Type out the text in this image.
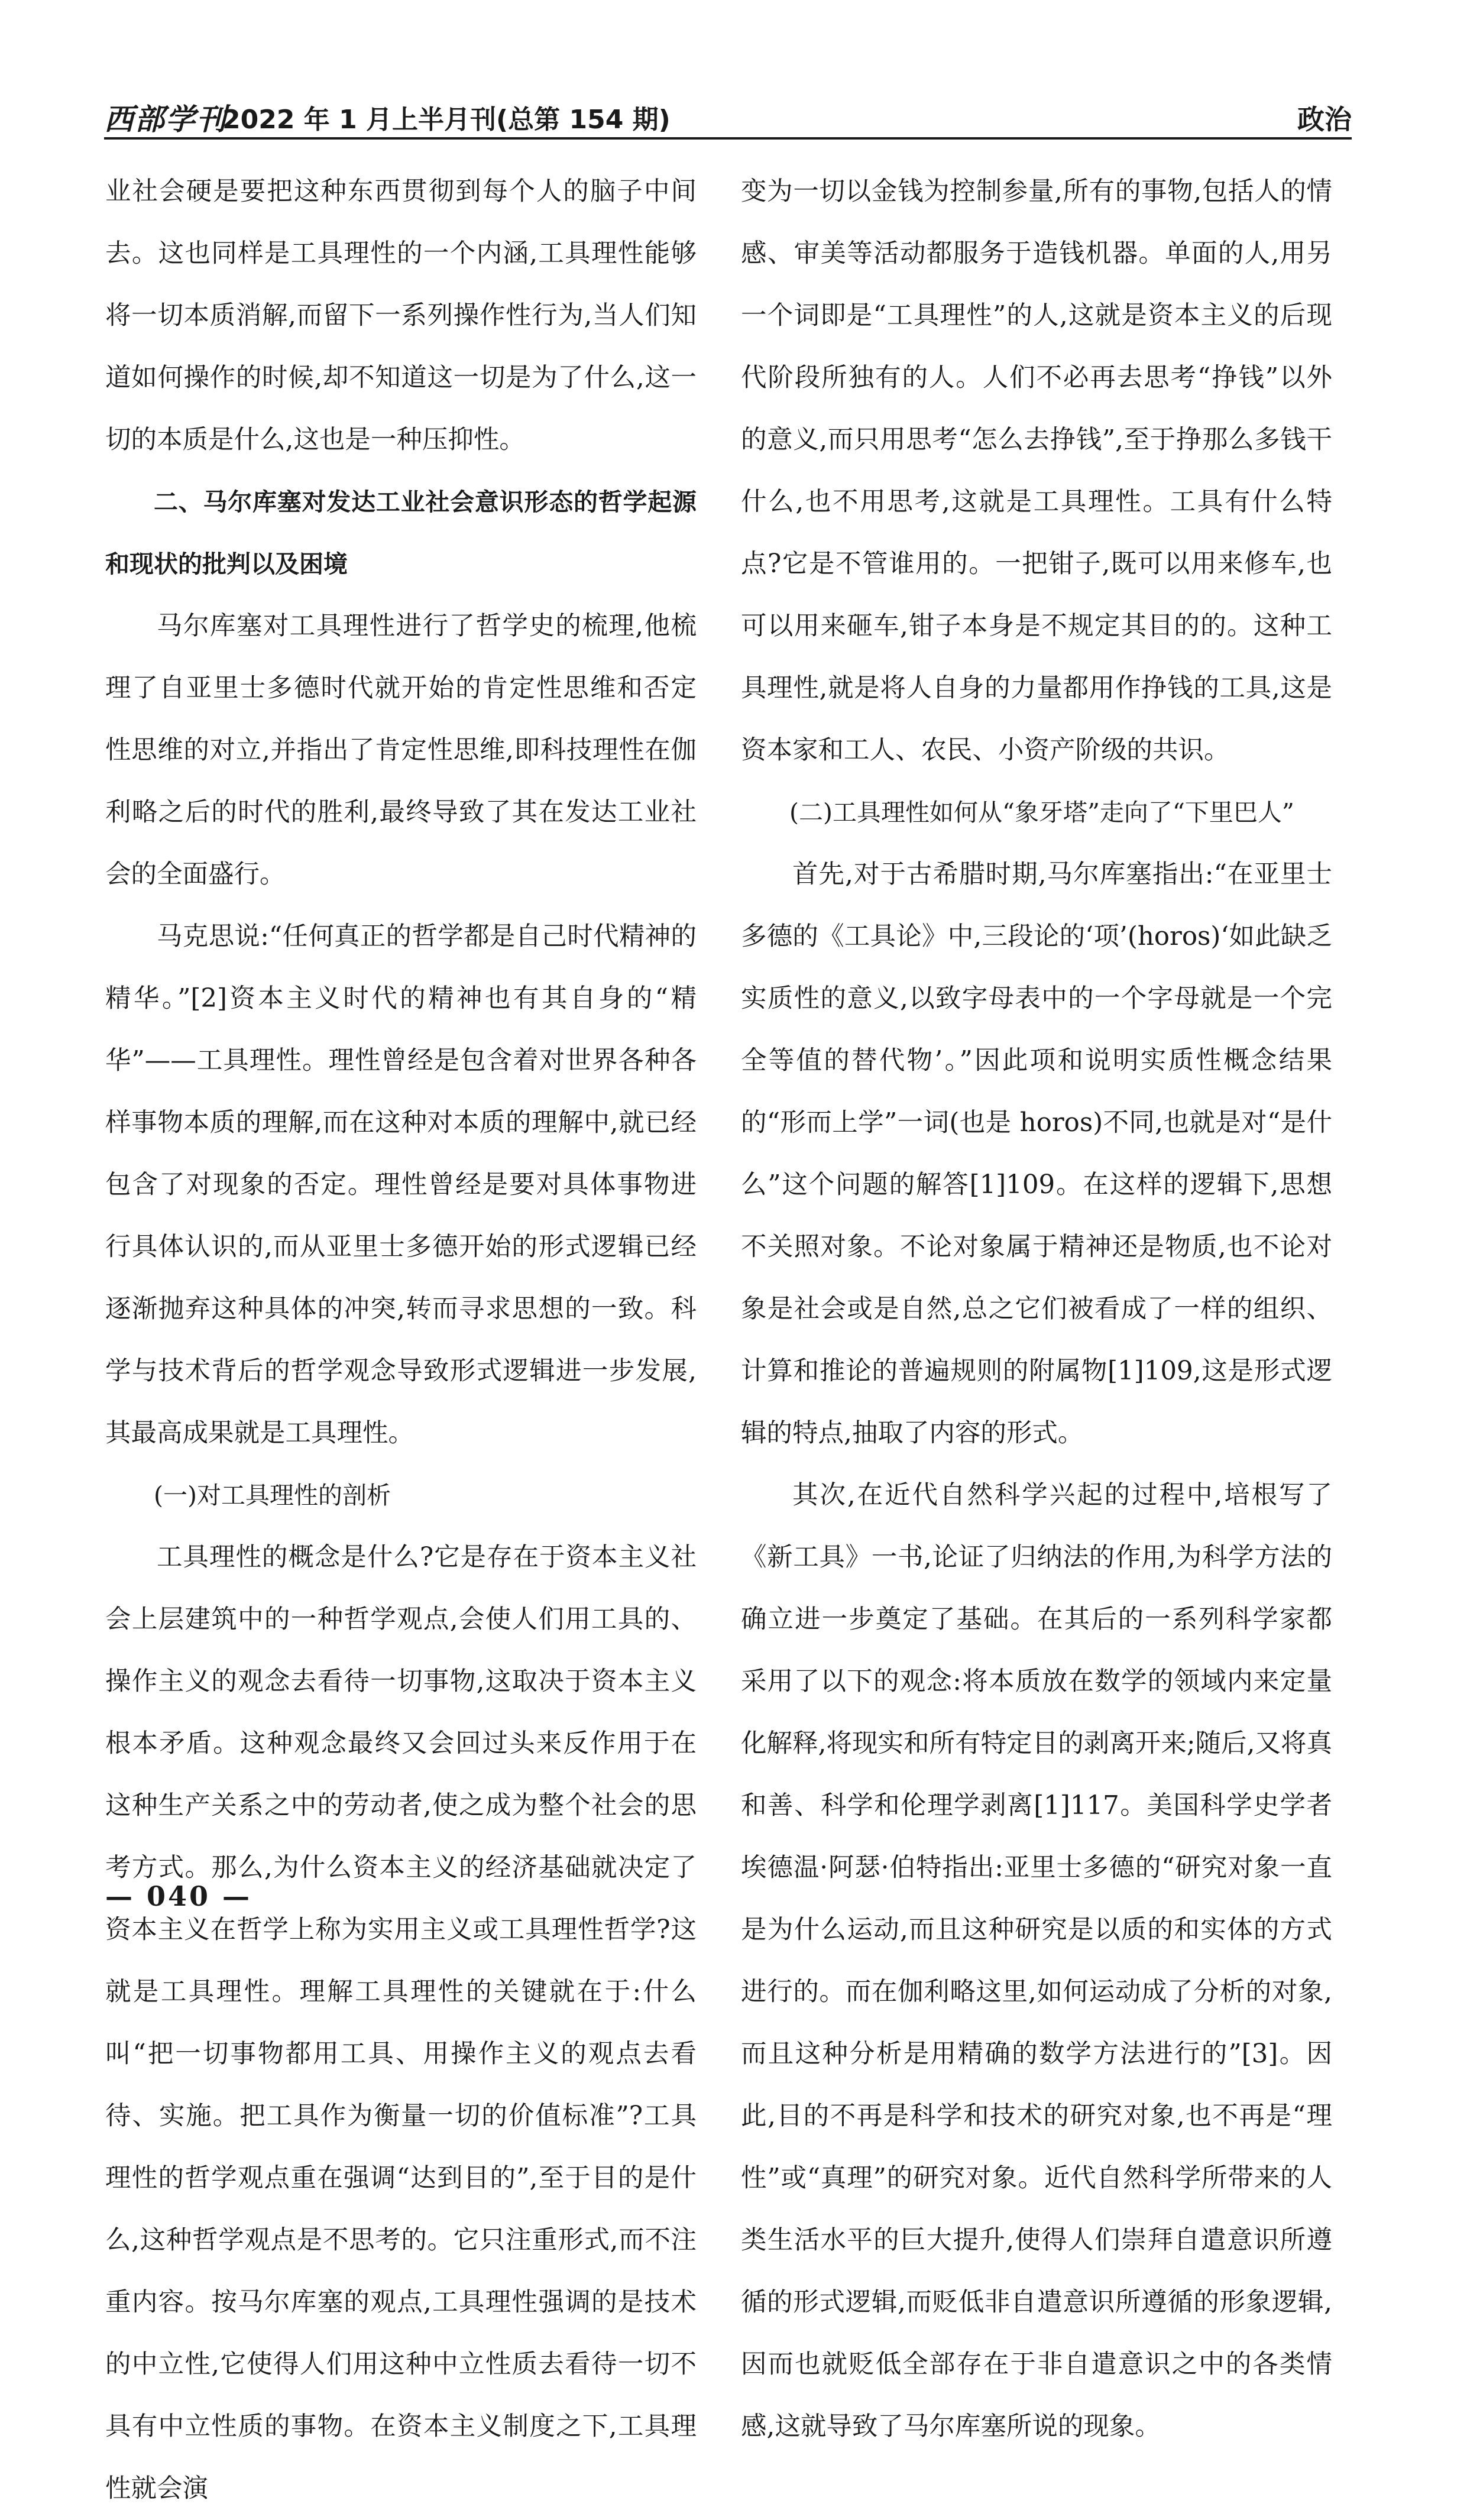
西部学刊
2022 年 1 月上半月刊(总第 154 期)	政治

业社会硬是要把这种东西贯彻到每个人的脑子中间去。这也同样是工具理性的一个内涵,工具理性能够将一切本质消解,而留下一系列操作性行为,当人们知道如何操作的时候,却不知道这一切是为了什么,这一切的本质是什么,这也是一种压抑性。

二、马尔库塞对发达工业社会意识形态的哲学起源和现状的批判以及困境

马尔库塞对工具理性进行了哲学史的梳理,他梳理了自亚里士多德时代就开始的肯定性思维和否定性思维的对立,并指出了肯定性思维,即科技理性在伽利略之后的时代的胜利,最终导致了其在发达工业社会的全面盛行。

马克思说:“任何真正的哲学都是自己时代精神的精华。”[2]资本主义时代的精神也有其自身的“精华”——工具理性。理性曾经是包含着对世界各种各样事物本质的理解,而在这种对本质的理解中,就已经包含了对现象的否定。理性曾经是要对具体事物进行具体认识的,而从亚里士多德开始的形式逻辑已经逐渐抛弃这种具体的冲突,转而寻求思想的一致。科学与技术背后的哲学观念导致形式逻辑进一步发展,其最高成果就是工具理性。

(一)对工具理性的剖析

工具理性的概念是什么?它是存在于资本主义社会上层建筑中的一种哲学观点,会使人们用工具的、操作主义的观念去看待一切事物,这取决于资本主义根本矛盾。这种观念最终又会回过头来反作用于在这种生产关系之中的劳动者,使之成为整个社会的思考方式。那么,为什么资本主义的经济基础就决定了资本主义在哲学上称为实用主义或工具理性哲学?这就是工具理性。理解工具理性的关键就在于:什么叫“把一切事物都用工具、用操作主义的观点去看待、实施。把工具作为衡量一切的价值标准”?工具理性的哲学观点重在强调“达到目的”,至于目的是什么,这种哲学观点是不思考的。它只注重形式,而不注重内容。按马尔库塞的观点,工具理性强调的是技术的中立性,它使得人们用这种中立性质去看待一切不具有中立性质的事物。在资本主义制度之下,工具理性就会演

变为一切以金钱为控制参量,所有的事物,包括人的情感、审美等活动都服务于造钱机器。单面的人,用另一个词即是“工具理性”的人,这就是资本主义的后现代阶段所独有的人。人们不必再去思考“挣钱”以外的意义,而只用思考“怎么去挣钱”,至于挣那么多钱干什么,也不用思考,这就是工具理性。工具有什么特点?它是不管谁用的。一把钳子,既可以用来修车,也可以用来砸车,钳子本身是不规定其目的的。这种工具理性,就是将人自身的力量都用作挣钱的工具,这是资本家和工人、农民、小资产阶级的共识。

(二)工具理性如何从“象牙塔”走向了“下里巴人”

首先,对于古希腊时期,马尔库塞指出:“在亚里士多德的《工具论》中,三段论的‘项’(horos)‘如此缺乏实质性的意义,以致字母表中的一个字母就是一个完全等值的替代物’。”因此项和说明实质性概念结果的“形而上学”一词(也是 horos)不同,也就是对“是什么”这个问题的解答[1]109。在这样的逻辑下,思想不关照对象。不论对象属于精神还是物质,也不论对象是社会或是自然,总之它们被看成了一样的组织、计算和推论的普遍规则的附属物[1]109,这是形式逻辑的特点,抽取了内容的形式。

其次,在近代自然科学兴起的过程中,培根写了《新工具》一书,论证了归纳法的作用,为科学方法的确立进一步奠定了基础。在其后的一系列科学家都采用了以下的观念:将本质放在数学的领域内来定量化解释,将现实和所有特定目的剥离开来;随后,又将真和善、科学和伦理学剥离[1]117。美国科学史学者埃德温·阿瑟·伯特指出:亚里士多德的“研究对象一直是为什么运动,而且这种研究是以质的和实体的方式进行的。而在伽利略这里,如何运动成了分析的对象,而且这种分析是用精确的数学方法进行的”[3]。因此,目的不再是科学和技术的研究对象,也不再是“理性”或“真理”的研究对象。近代自然科学所带来的人类生活水平的巨大提升,使得人们崇拜自遣意识所遵循的形式逻辑,而贬低非自遣意识所遵循的形象逻辑,因而也就贬低全部存在于非自遣意识之中的各类情感,这就导致了马尔库塞所说的现象。

— 040 —
